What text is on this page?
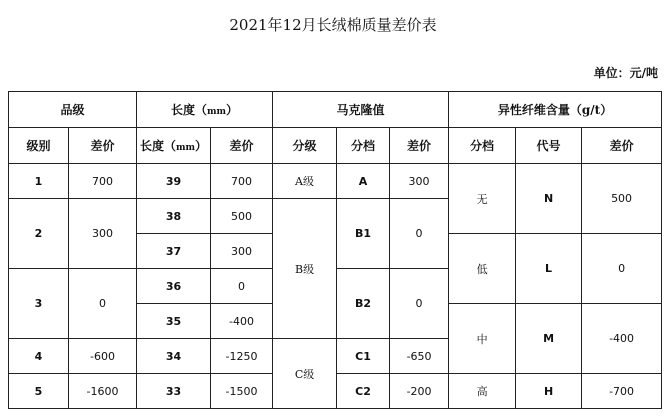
2021年12月长绒棉质量差价表
单位：元/吨
品级		长度（mm）		马克隆值			异性纤维含量（g/t）		
级别	差价	长度（mm）	差价	分级	分档	差价	分档	代号	差价
1	700	39	700	A级	A	300	无	N	500
2	300	38	500	B级	B1	0			
		37	300				低	L	0
3	0	36	0		B2	0			
		35	-400				中	M	-400
4	-600	34	-1250	C级	C1	-650			
5	-1600	33	-1500		C2	-200	高	H	-700
